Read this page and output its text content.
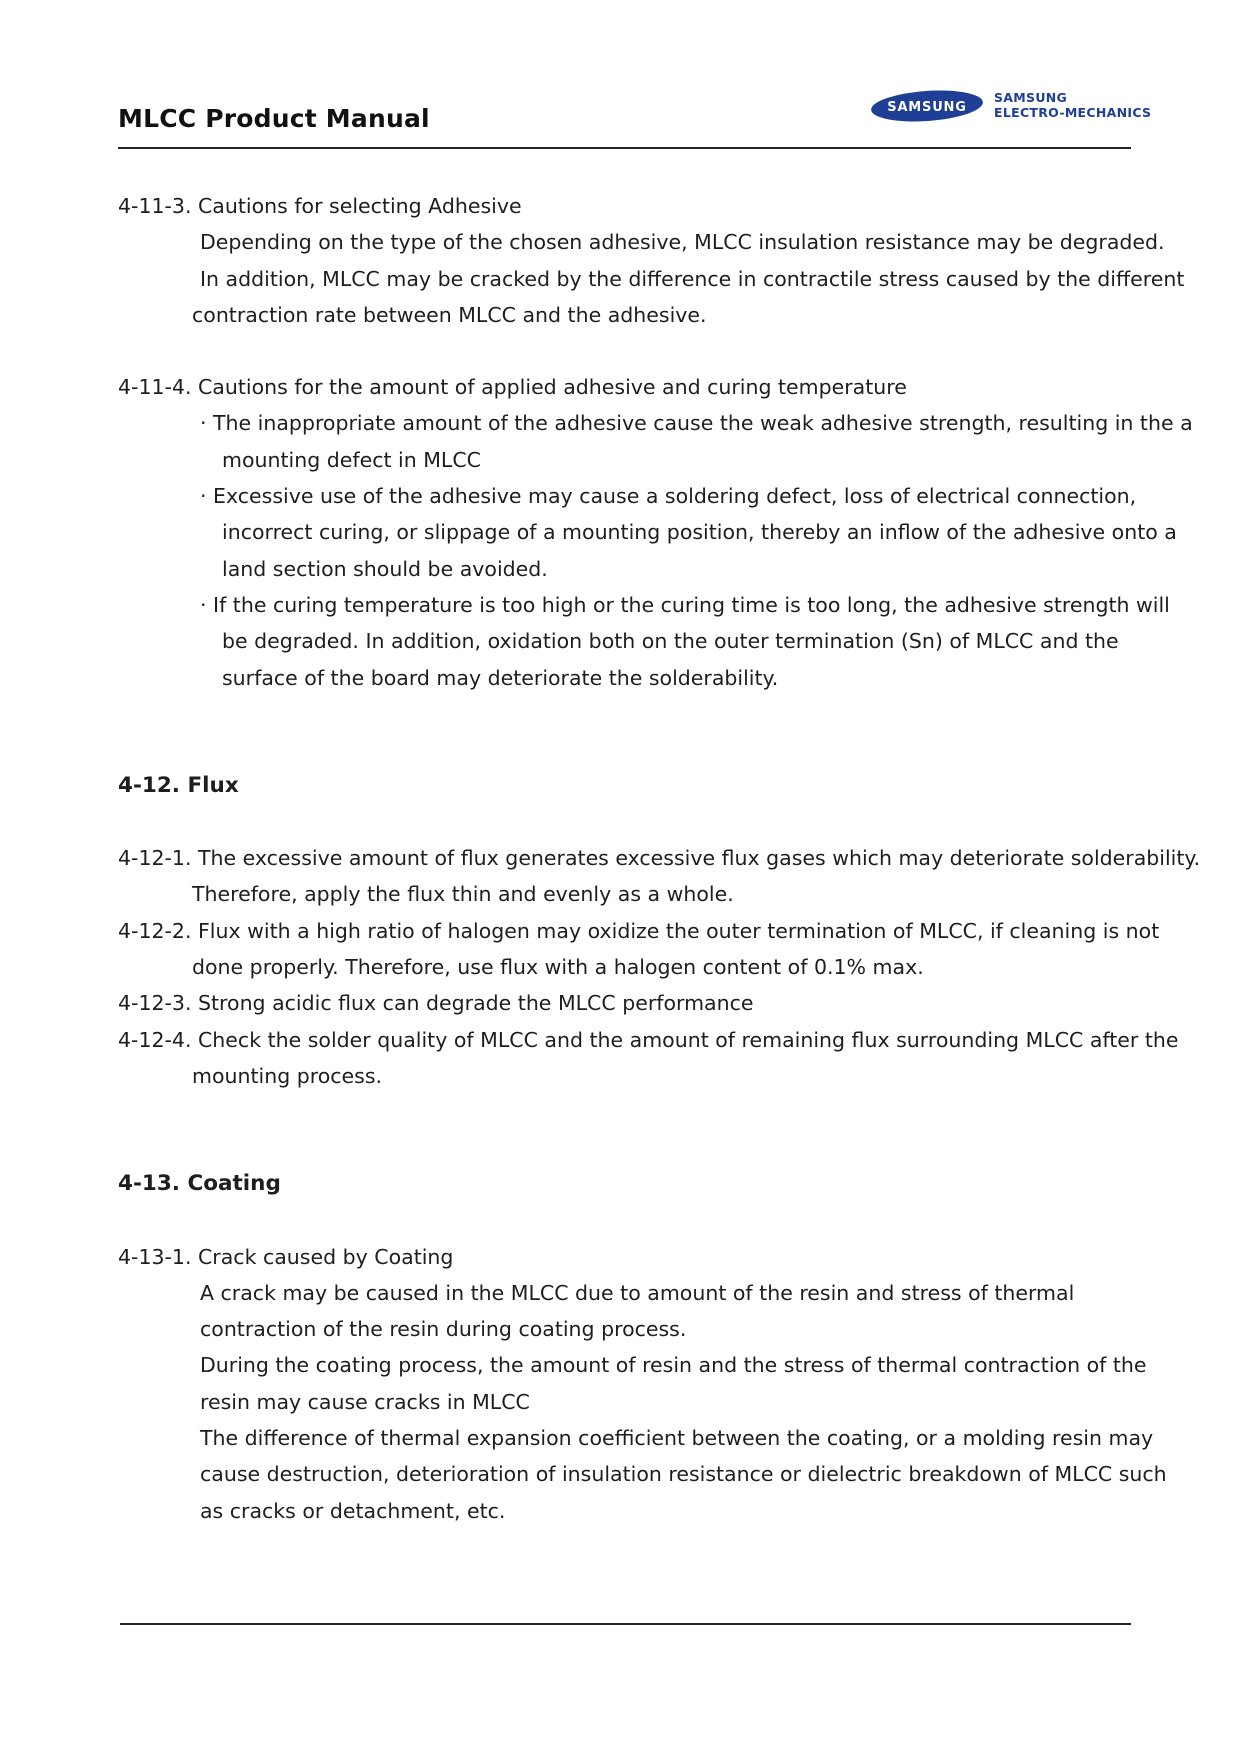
MLCC Product Manual	SAMSUNG
SAMSUNG
ELECTRO-MECHANICS
4-11-3. Cautions for selecting Adhesive
Depending on the type of the chosen adhesive, MLCC insulation resistance may be degraded.
In addition, MLCC may be cracked by the difference in contractile stress caused by the different
contraction rate between MLCC and the adhesive.
4-11-4. Cautions for the amount of applied adhesive and curing temperature
· The inappropriate amount of the adhesive cause the weak adhesive strength, resulting in the a
mounting defect in MLCC
· Excessive use of the adhesive may cause a soldering defect, loss of electrical connection,
incorrect curing, or slippage of a mounting position, thereby an inflow of the adhesive onto a
land section should be avoided.
· If the curing temperature is too high or the curing time is too long, the adhesive strength will
be degraded. In addition, oxidation both on the outer termination (Sn) of MLCC and the
surface of the board may deteriorate the solderability.
4-12. Flux
4-12-1. The excessive amount of flux generates excessive flux gases which may deteriorate solderability.
Therefore, apply the flux thin and evenly as a whole.
4-12-2. Flux with a high ratio of halogen may oxidize the outer termination of MLCC, if cleaning is not
done properly. Therefore, use flux with a halogen content of 0.1% max.
4-12-3. Strong acidic flux can degrade the MLCC performance
4-12-4. Check the solder quality of MLCC and the amount of remaining flux surrounding MLCC after the
mounting process.
4-13. Coating
4-13-1. Crack caused by Coating
A crack may be caused in the MLCC due to amount of the resin and stress of thermal
contraction of the resin during coating process.
During the coating process, the amount of resin and the stress of thermal contraction of the
resin may cause cracks in MLCC
The difference of thermal expansion coefficient between the coating, or a molding resin may
cause destruction, deterioration of insulation resistance or dielectric breakdown of MLCC such
as cracks or detachment, etc.
